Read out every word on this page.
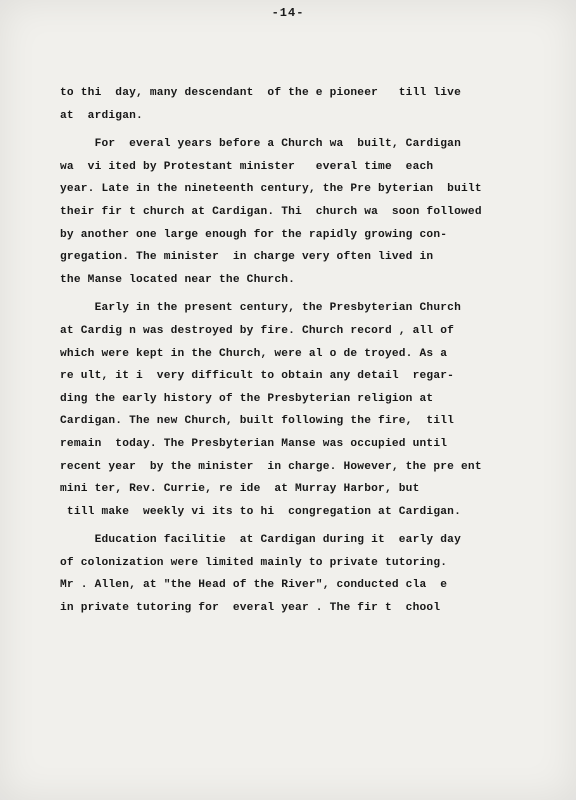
-14-

to thi  day, many descendant  of the e pioneer   till live
at  ardigan.
For  everal years before a Church wa  built, Cardigan
wa  vi ited by Protestant minister   everal time  each
year. Late in the nineteenth century, the Pre byterian  built
their fir t church at Cardigan. Thi  church wa  soon followed
by another one large enough for the rapidly growing con-
gregation. The minister  in charge very often lived in
the Manse located near the Church.
Early in the present century, the Presbyterian Church
at Cardig n was destroyed by fire. Church record , all of
which were kept in the Church, were al o de troyed. As a
re ult, it i  very difficult to obtain any detail  regar-
ding the early history of the Presbyterian religion at
Cardigan. The new Church, built following the fire,  till
remain  today. The Presbyterian Manse was occupied until
recent year  by the minister  in charge. However, the pre ent
mini ter, Rev. Currie, re ide  at Murray Harbor, but
till make  weekly vi its to hi  congregation at Cardigan.
Education facilitie  at Cardigan during it  early day
of colonization were limited mainly to private tutoring.
Mr . Allen, at "the Head of the River", conducted cla  e
in private tutoring for  everal year . The fir t  chool
